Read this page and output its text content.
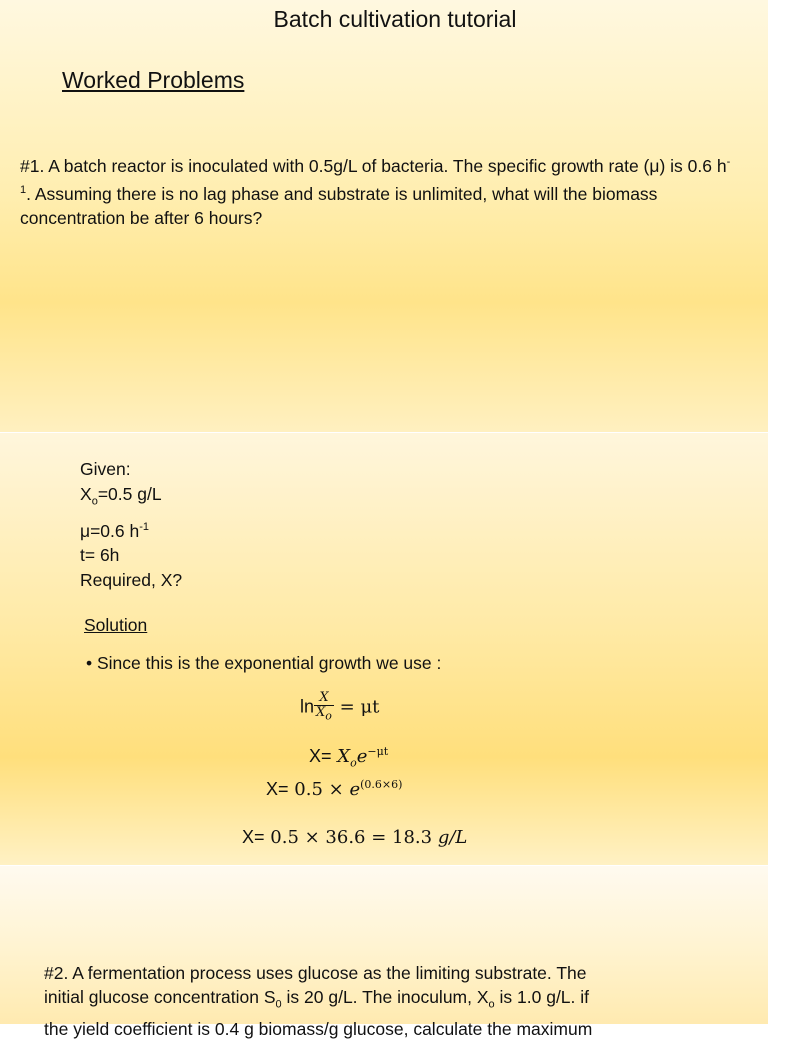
Batch cultivation tutorial
Worked Problems
#1. A batch reactor is inoculated with 0.5g/L of bacteria. The specific growth rate (μ) is 0.6 $h^{-1}$. Assuming there is no lag phase and substrate is unlimited, what will the biomass concentration be after 6 hours?
Given:
$X_o=0.5$ g/L
μ=0.6 $h^{-1}$
t= 6h
Required, X?
Solution
• Since this is the exponential growth we use :
$\ln \frac{X}{X_o} = \mu t$
$X= X_oe^{-\mu t}$
$X= 0.5 \times e^{(0.6\times 6)}$
X= 0.5 × 36.6 = 18.3 g/L
#2. A fermentation process uses glucose as the limiting substrate. The
initial glucose concentration $S_0$ is 20 g/L. The inoculum, $X_o$ is 1.0 g/L. if
the yield coefficient is 0.4 g biomass/g glucose, calculate the maximum
